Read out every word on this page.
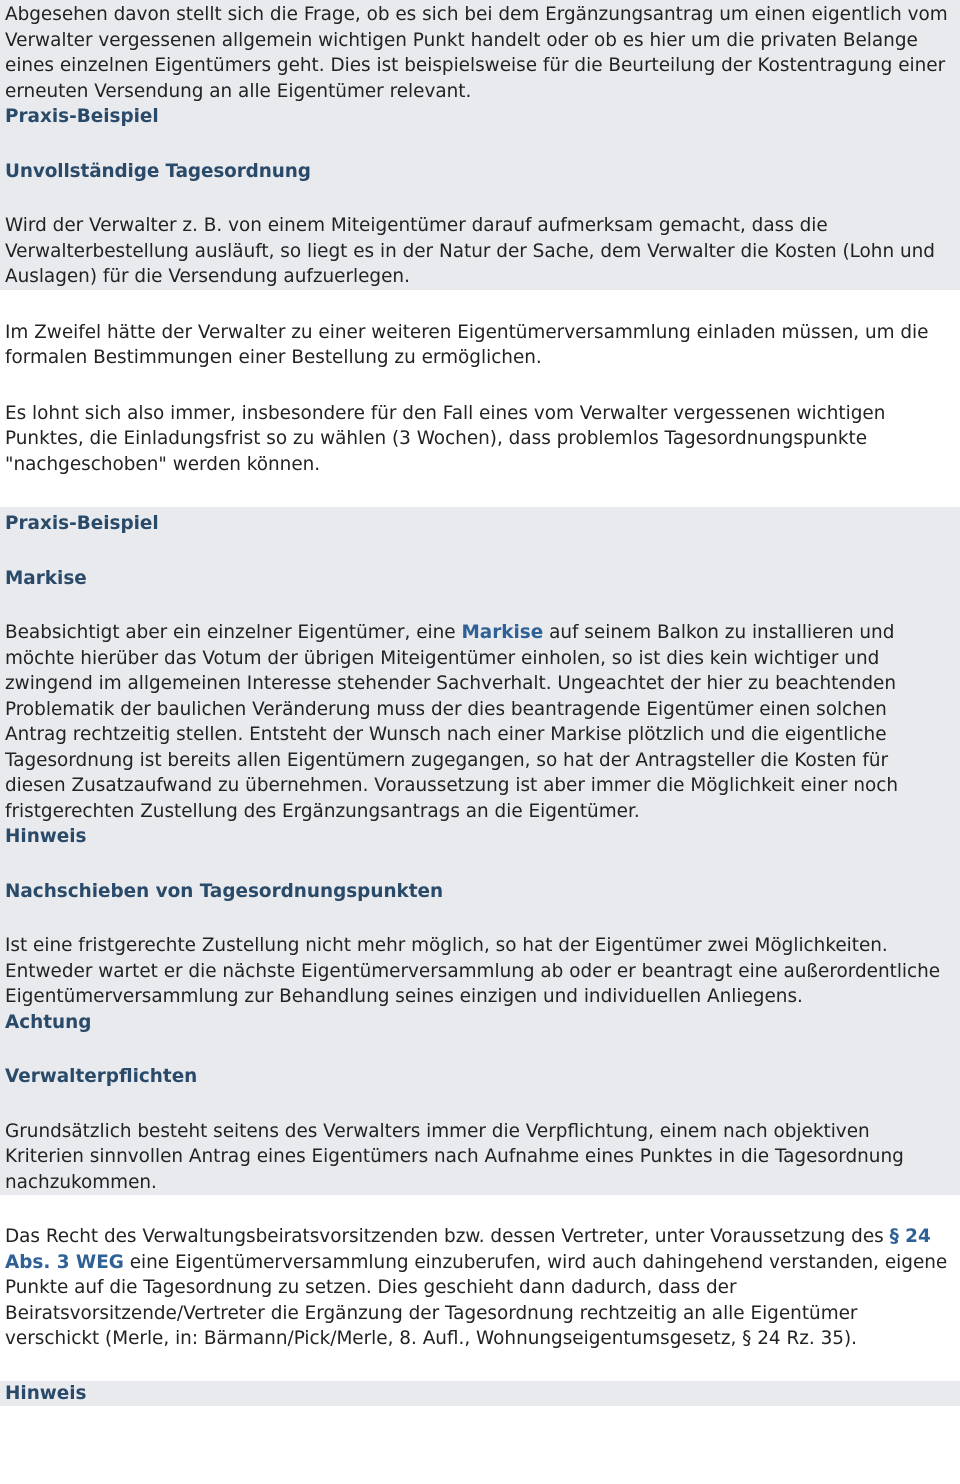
Abgesehen davon stellt sich die Frage, ob es sich bei dem Ergänzungsantrag um einen eigentlich vom Verwalter vergessenen allgemein wichtigen Punkt handelt oder ob es hier um die privaten Belange eines einzelnen Eigentümers geht. Dies ist beispielsweise für die Beurteilung der Kostentragung einer erneuten Versendung an alle Eigentümer relevant.

Praxis-Beispiel

Unvollständige Tagesordnung

Wird der Verwalter z. B. von einem Miteigentümer darauf aufmerksam gemacht, dass die Verwalterbestellung ausläuft, so liegt es in der Natur der Sache, dem Verwalter die Kosten (Lohn und Auslagen) für die Versendung aufzuerlegen.

Im Zweifel hätte der Verwalter zu einer weiteren Eigentümerversammlung einladen müssen, um die formalen Bestimmungen einer Bestellung zu ermöglichen.

Es lohnt sich also immer, insbesondere für den Fall eines vom Verwalter vergessenen wichtigen Punktes, die Einladungsfrist so zu wählen (3 Wochen), dass problemlos Tagesordnungspunkte "nachgeschoben" werden können.

Praxis-Beispiel

Markise

Beabsichtigt aber ein einzelner Eigentümer, eine Markise auf seinem Balkon zu installieren und möchte hierüber das Votum der übrigen Miteigentümer einholen, so ist dies kein wichtiger und zwingend im allgemeinen Interesse stehender Sachverhalt. Ungeachtet der hier zu beachtenden Problematik der baulichen Veränderung muss der dies beantragende Eigentümer einen solchen Antrag rechtzeitig stellen. Entsteht der Wunsch nach einer Markise plötzlich und die eigentliche Tagesordnung ist bereits allen Eigentümern zugegangen, so hat der Antragsteller die Kosten für diesen Zusatzaufwand zu übernehmen. Voraussetzung ist aber immer die Möglichkeit einer noch fristgerechten Zustellung des Ergänzungsantrags an die Eigentümer.

Hinweis

Nachschieben von Tagesordnungspunkten

Ist eine fristgerechte Zustellung nicht mehr möglich, so hat der Eigentümer zwei Möglichkeiten. Entweder wartet er die nächste Eigentümerversammlung ab oder er beantragt eine außerordentliche Eigentümerversammlung zur Behandlung seines einzigen und individuellen Anliegens.

Achtung

Verwalterpflichten

Grundsätzlich besteht seitens des Verwalters immer die Verpflichtung, einem nach objektiven Kriterien sinnvollen Antrag eines Eigentümers nach Aufnahme eines Punktes in die Tagesordnung nachzukommen.

Das Recht des Verwaltungsbeiratsvorsitzenden bzw. dessen Vertreter, unter Voraussetzung des § 24 Abs. 3 WEG eine Eigentümerversammlung einzuberufen, wird auch dahingehend verstanden, eigene Punkte auf die Tagesordnung zu setzen. Dies geschieht dann dadurch, dass der Beiratsvorsitzende/Vertreter die Ergänzung der Tagesordnung rechtzeitig an alle Eigentümer verschickt (Merle, in: Bärmann/Pick/Merle, 8. Aufl., Wohnungseigentumsgesetz, § 24 Rz. 35).

Hinweis
